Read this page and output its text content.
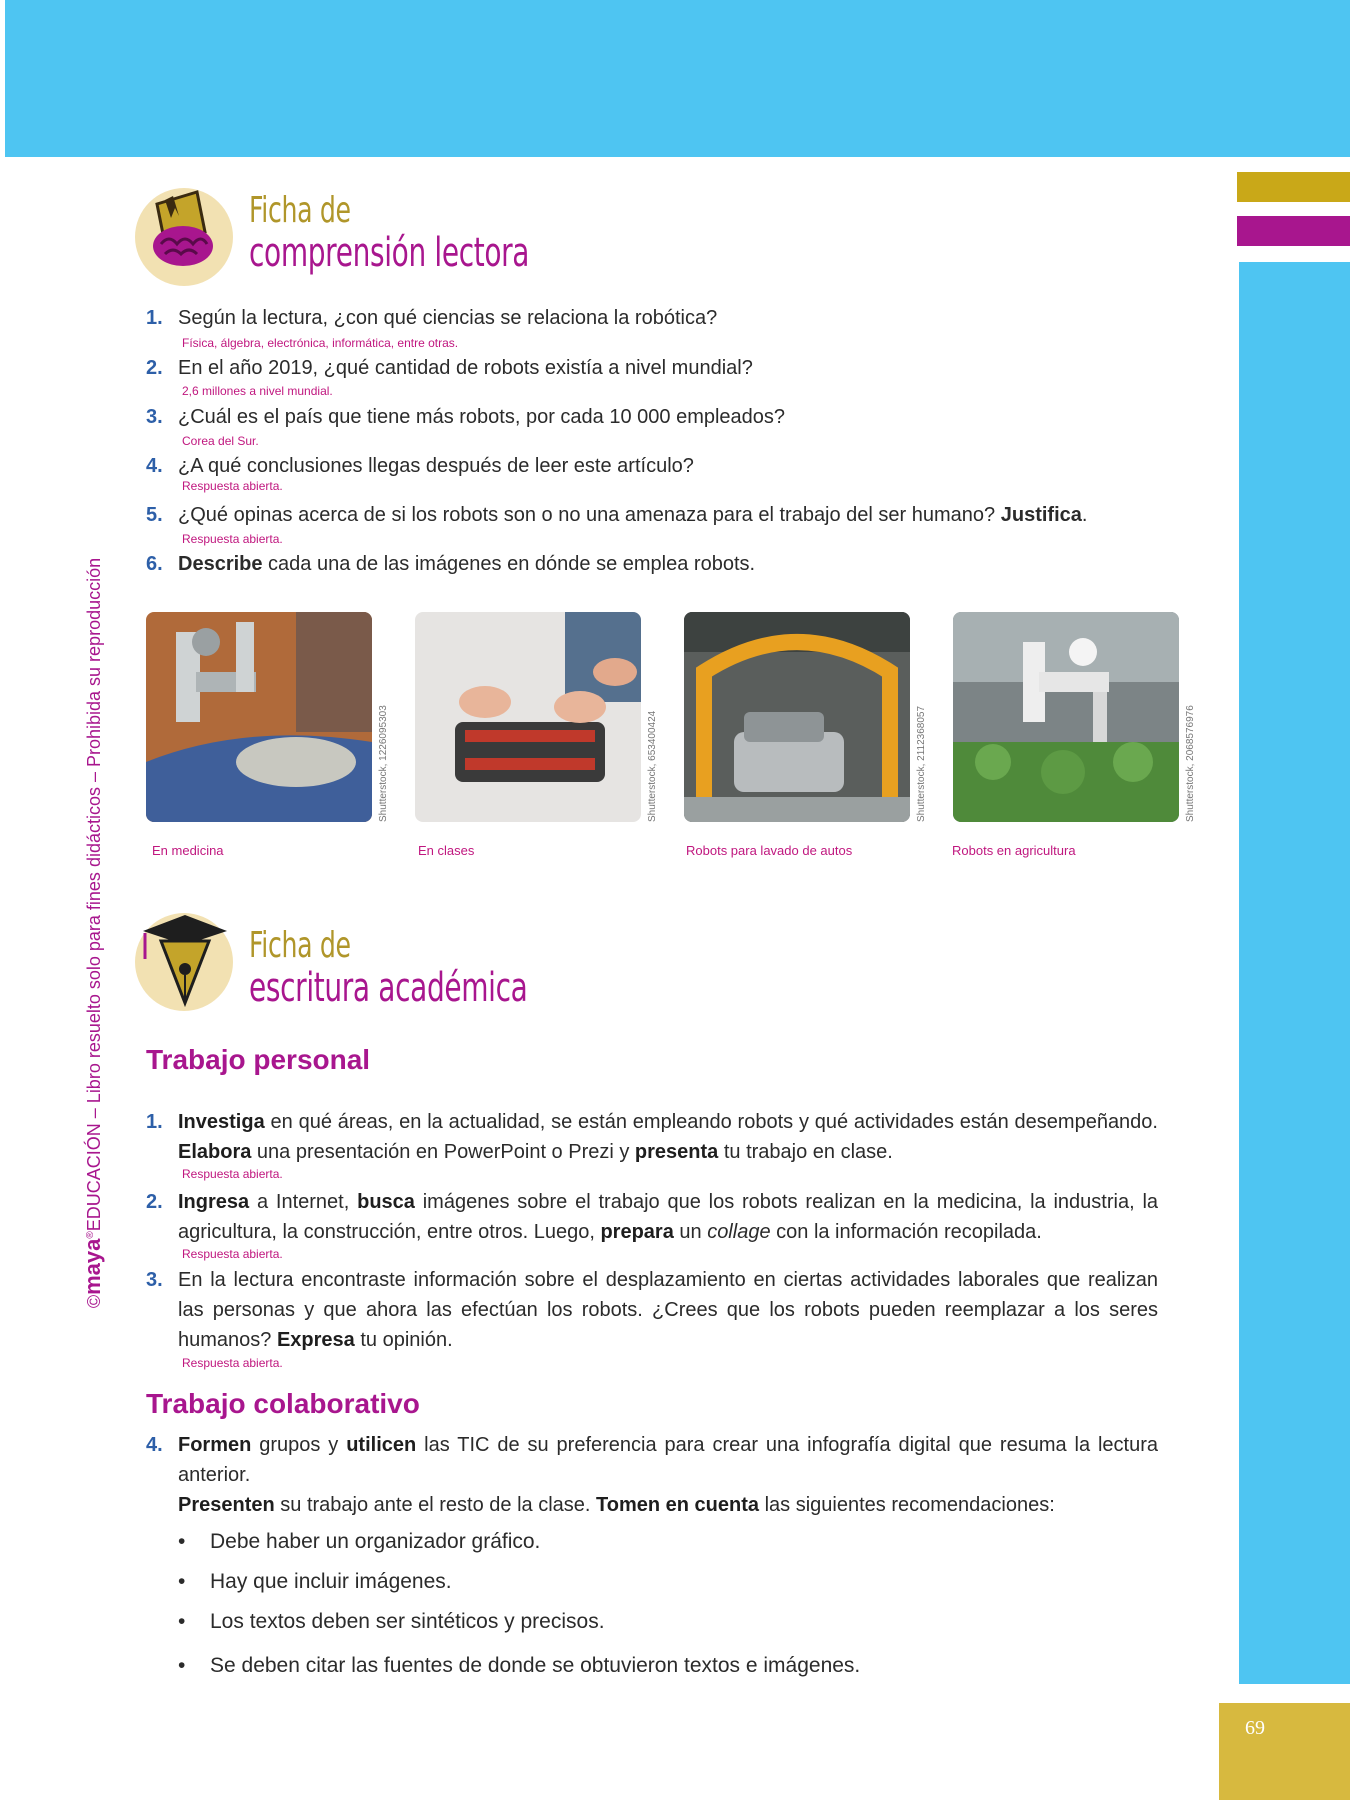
69
©maya®EDUCACIÓN – Libro resuelto solo para fines didácticos – Prohibida su reproducción
Ficha de
comprensión lectora
1. Según la lectura, ¿con qué ciencias se relaciona la robótica?
Física, álgebra, electrónica, informática, entre otras.
2. En el año 2019, ¿qué cantidad de robots existía a nivel mundial?
2,6 millones a nivel mundial.
3. ¿Cuál es el país que tiene más robots, por cada 10 000 empleados?
Corea del Sur.
4. ¿A qué conclusiones llegas después de leer este artículo?
Respuesta abierta.
5. ¿Qué opinas acerca de si los robots son o no una amenaza para el trabajo del ser humano? Justifica.
Respuesta abierta.
6. Describe cada una de las imágenes en dónde se emplea robots.
Shutterstock, 1226095303
En medicina
Shutterstock, 653400424
En clases
Shutterstock, 2112368057
Robots para lavado de autos
Shutterstock, 2068576976
Robots en agricultura
Ficha de
escritura académica
Trabajo personal
1. Investiga en qué áreas, en la actualidad, se están empleando robots y qué actividades están desempeñando. Elabora una presentación en PowerPoint o Prezi y presenta tu trabajo en clase.
Respuesta abierta.
2. Ingresa a Internet, busca imágenes sobre el trabajo que los robots realizan en la medicina, la industria, la agricultura, la construcción, entre otros. Luego, prepara un collage con la información recopilada.
Respuesta abierta.
3. En la lectura encontraste información sobre el desplazamiento en ciertas actividades laborales que realizan las personas y que ahora las efectúan los robots. ¿Crees que los robots pueden reemplazar a los seres humanos? Expresa tu opinión.
Respuesta abierta.
Trabajo colaborativo
4. Formen grupos y utilicen las TIC de su preferencia para crear una infografía digital que resuma la lectura anterior.
Presenten su trabajo ante el resto de la clase. Tomen en cuenta las siguientes recomendaciones:
• Debe haber un organizador gráfico.
• Hay que incluir imágenes.
• Los textos deben ser sintéticos y precisos.
• Se deben citar las fuentes de donde se obtuvieron textos e imágenes.
